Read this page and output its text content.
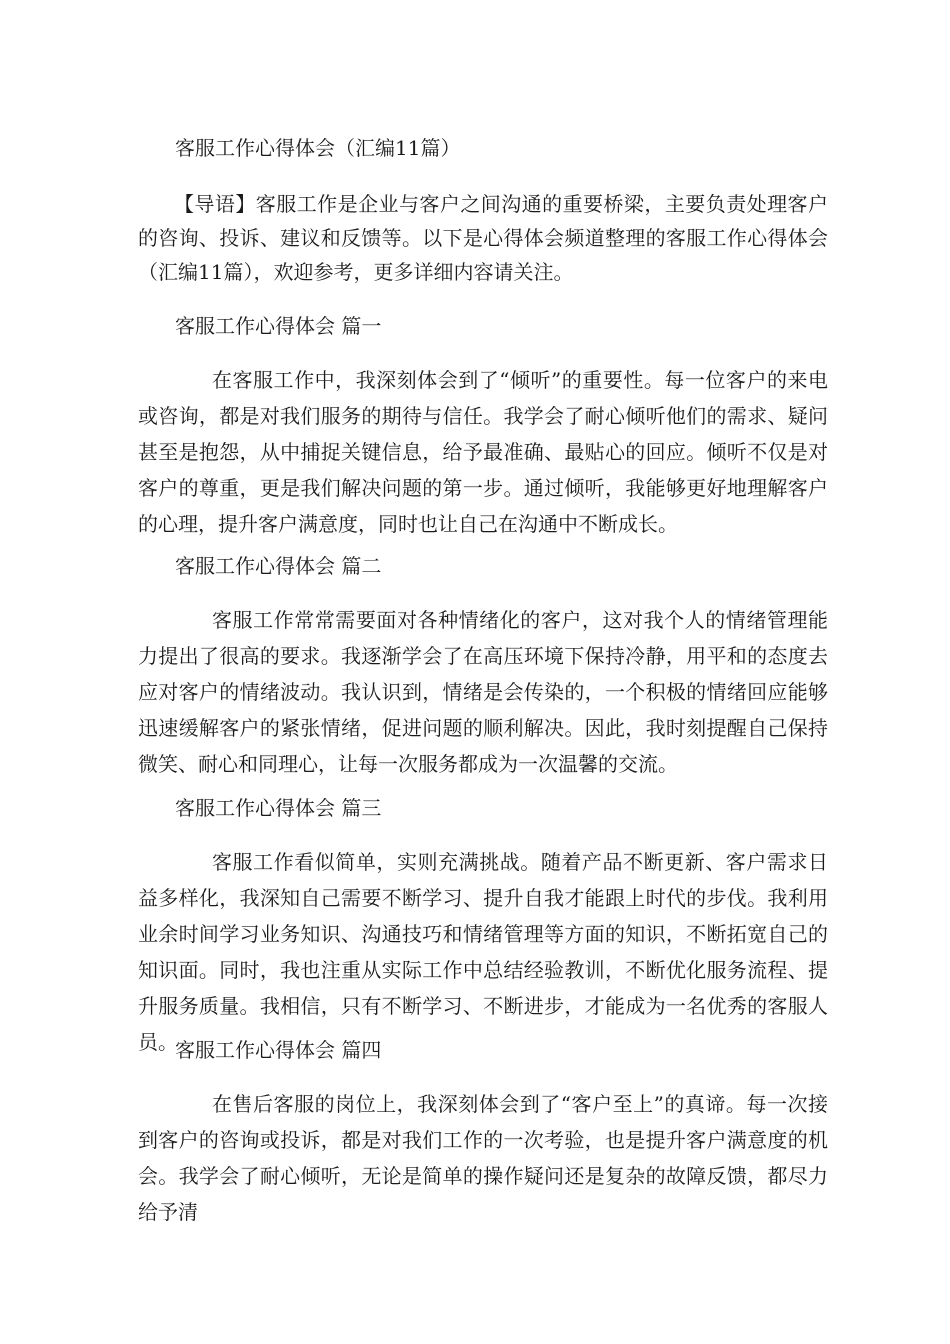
客服工作心得体会（汇编11篇）

【导语】客服工作是企业与客户之间沟通的重要桥梁，主要负责处理客户的咨询、投诉、建议和反馈等。以下是心得体会频道整理的客服工作心得体会（汇编11篇），欢迎参考，更多详细内容请关注。

客服工作心得体会 篇一

在客服工作中，我深刻体会到了“倾听”的重要性。每一位客户的来电或咨询，都是对我们服务的期待与信任。我学会了耐心倾听他们的需求、疑问甚至是抱怨，从中捕捉关键信息，给予最准确、最贴心的回应。倾听不仅是对客户的尊重，更是我们解决问题的第一步。通过倾听，我能够更好地理解客户的心理，提升客户满意度，同时也让自己在沟通中不断成长。

客服工作心得体会 篇二

客服工作常常需要面对各种情绪化的客户，这对我个人的情绪管理能力提出了很高的要求。我逐渐学会了在高压环境下保持冷静，用平和的态度去应对客户的情绪波动。我认识到，情绪是会传染的，一个积极的情绪回应能够迅速缓解客户的紧张情绪，促进问题的顺利解决。因此，我时刻提醒自己保持微笑、耐心和同理心，让每一次服务都成为一次温馨的交流。

客服工作心得体会 篇三

客服工作看似简单，实则充满挑战。随着产品不断更新、客户需求日益多样化，我深知自己需要不断学习、提升自我才能跟上时代的步伐。我利用业余时间学习业务知识、沟通技巧和情绪管理等方面的知识，不断拓宽自己的知识面。同时，我也注重从实际工作中总结经验教训，不断优化服务流程、提升服务质量。我相信，只有不断学习、不断进步，才能成为一名优秀的客服人员。

客服工作心得体会 篇四

在售后客服的岗位上，我深刻体会到了“客户至上”的真谛。每一次接到客户的咨询或投诉，都是对我们工作的一次考验，也是提升客户满意度的机会。我学会了耐心倾听，无论是简单的操作疑问还是复杂的故障反馈，都尽力给予清
